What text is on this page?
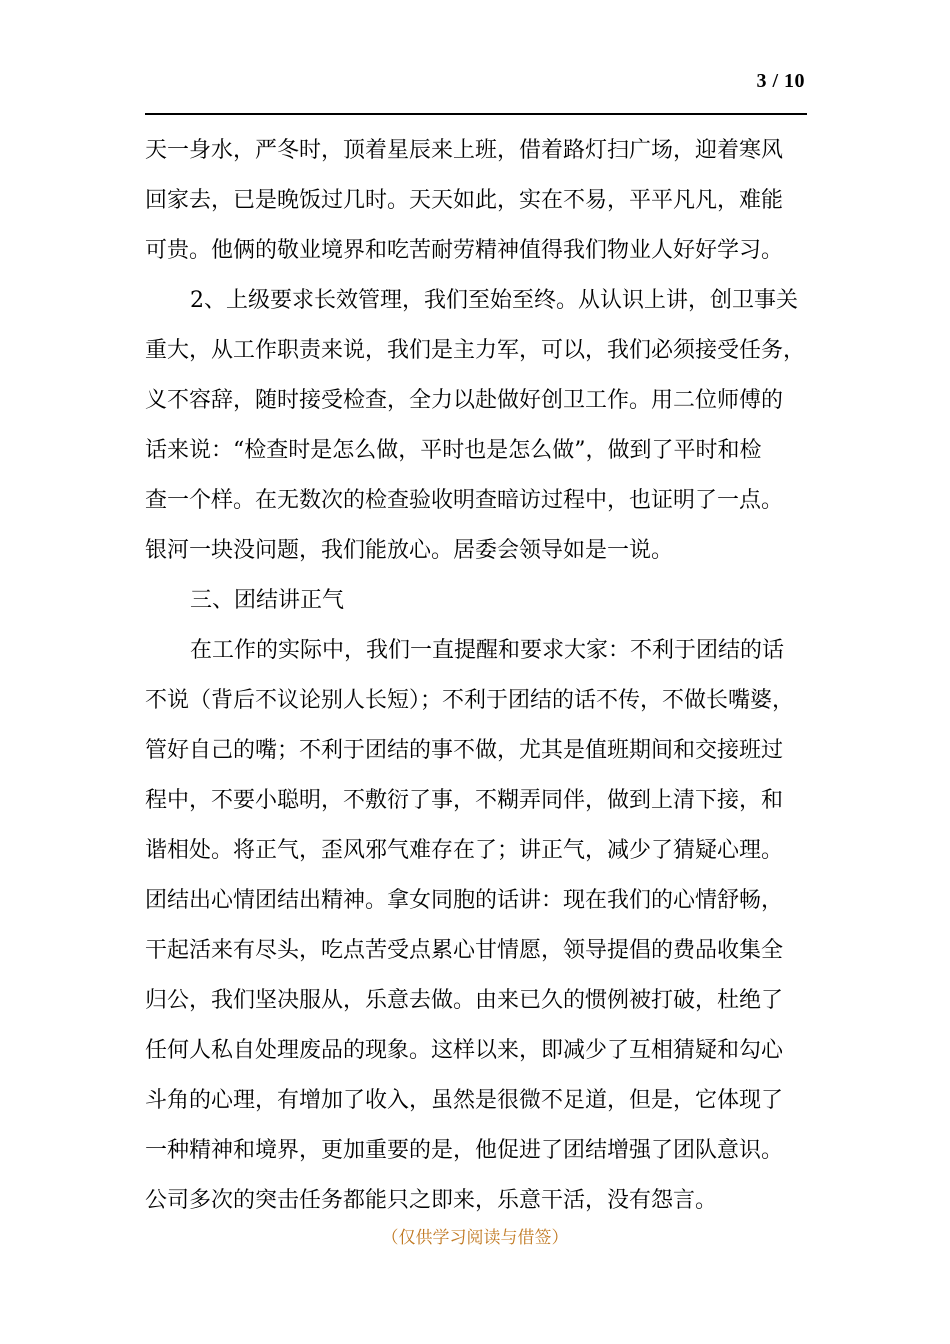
3 / 10
天一身水，严冬时，顶着星辰来上班，借着路灯扫广场，迎着寒风
回家去，已是晚饭过几时。天天如此，实在不易，平平凡凡，难能
可贵。他俩的敬业境界和吃苦耐劳精神值得我们物业人好好学习。
2、上级要求长效管理，我们至始至终。从认识上讲，创卫事关
重大，从工作职责来说，我们是主力军，可以，我们必须接受任务，
义不容辞，随时接受检查，全力以赴做好创卫工作。用二位师傅的
话来说：“检查时是怎么做，平时也是怎么做”，做到了平时和检
查一个样。在无数次的检查验收明查暗访过程中，也证明了一点。
银河一块没问题，我们能放心。居委会领导如是一说。
三、团结讲正气
在工作的实际中，我们一直提醒和要求大家：不利于团结的话
不说（背后不议论别人长短）；不利于团结的话不传，不做长嘴婆，
管好自己的嘴；不利于团结的事不做，尤其是值班期间和交接班过
程中，不要小聪明，不敷衍了事，不糊弄同伴，做到上清下接，和
谐相处。将正气，歪风邪气难存在了；讲正气，减少了猜疑心理。
团结出心情团结出精神。拿女同胞的话讲：现在我们的心情舒畅，
干起活来有尽头，吃点苦受点累心甘情愿，领导提倡的费品收集全
归公，我们坚决服从，乐意去做。由来已久的惯例被打破，杜绝了
任何人私自处理废品的现象。这样以来，即减少了互相猜疑和勾心
斗角的心理，有增加了收入，虽然是很微不足道，但是，它体现了
一种精神和境界，更加重要的是，他促进了团结增强了团队意识。
公司多次的突击任务都能只之即来，乐意干活，没有怨言。
（仅供学习阅读与借签）
